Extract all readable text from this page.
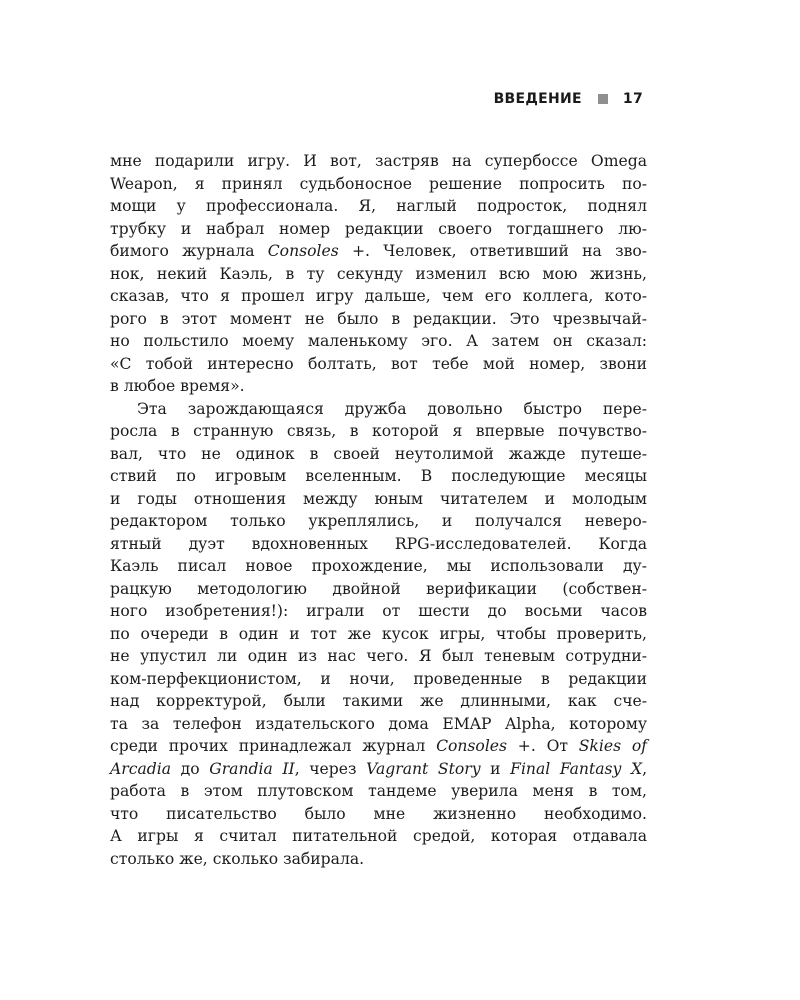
ВВЕДЕНИЕ	17
мне подарили игру. И вот, застряв на супербоссе Omega
Weapon, я принял судьбоносное решение попросить по-
мощи у профессионала. Я, наглый подросток, поднял
трубку и набрал номер редакции своего тогдашнего лю-
бимого журнала Consoles +. Человек, ответивший на зво-
нок, некий Каэль, в ту секунду изменил всю мою жизнь,
сказав, что я прошел игру дальше, чем его коллега, кото-
рого в этот момент не было в редакции. Это чрезвычай-
но польстило моему маленькому эго. А затем он сказал:
«С тобой интересно болтать, вот тебе мой номер, звони
в любое время».
Эта зарождающаяся дружба довольно быстро пере-
росла в странную связь, в которой я впервые почувство-
вал, что не одинок в своей неутолимой жажде путеше-
ствий по игровым вселенным. В последующие месяцы
и годы отношения между юным читателем и молодым
редактором только укреплялись, и получался неверо-
ятный дуэт вдохновенных RPG-исследователей. Когда
Каэль писал новое прохождение, мы использовали ду-
рацкую методологию двойной верификации (собствен-
ного изобретения!): играли от шести до восьми часов
по очереди в один и тот же кусок игры, чтобы проверить,
не упустил ли один из нас чего. Я был теневым сотрудни-
ком-перфекционистом, и ночи, проведенные в редакции
над корректурой, были такими же длинными, как сче-
та за телефон издательского дома EMAP Alpha, которому
среди прочих принадлежал журнал Consoles +. От Skies of
Arcadia до Grandia II, через Vagrant Story и Final Fantasy X,
работа в этом плутовском тандеме уверила меня в том,
что писательство было мне жизненно необходимо.
А игры я считал питательной средой, которая отдавала
столько же, сколько забирала.
